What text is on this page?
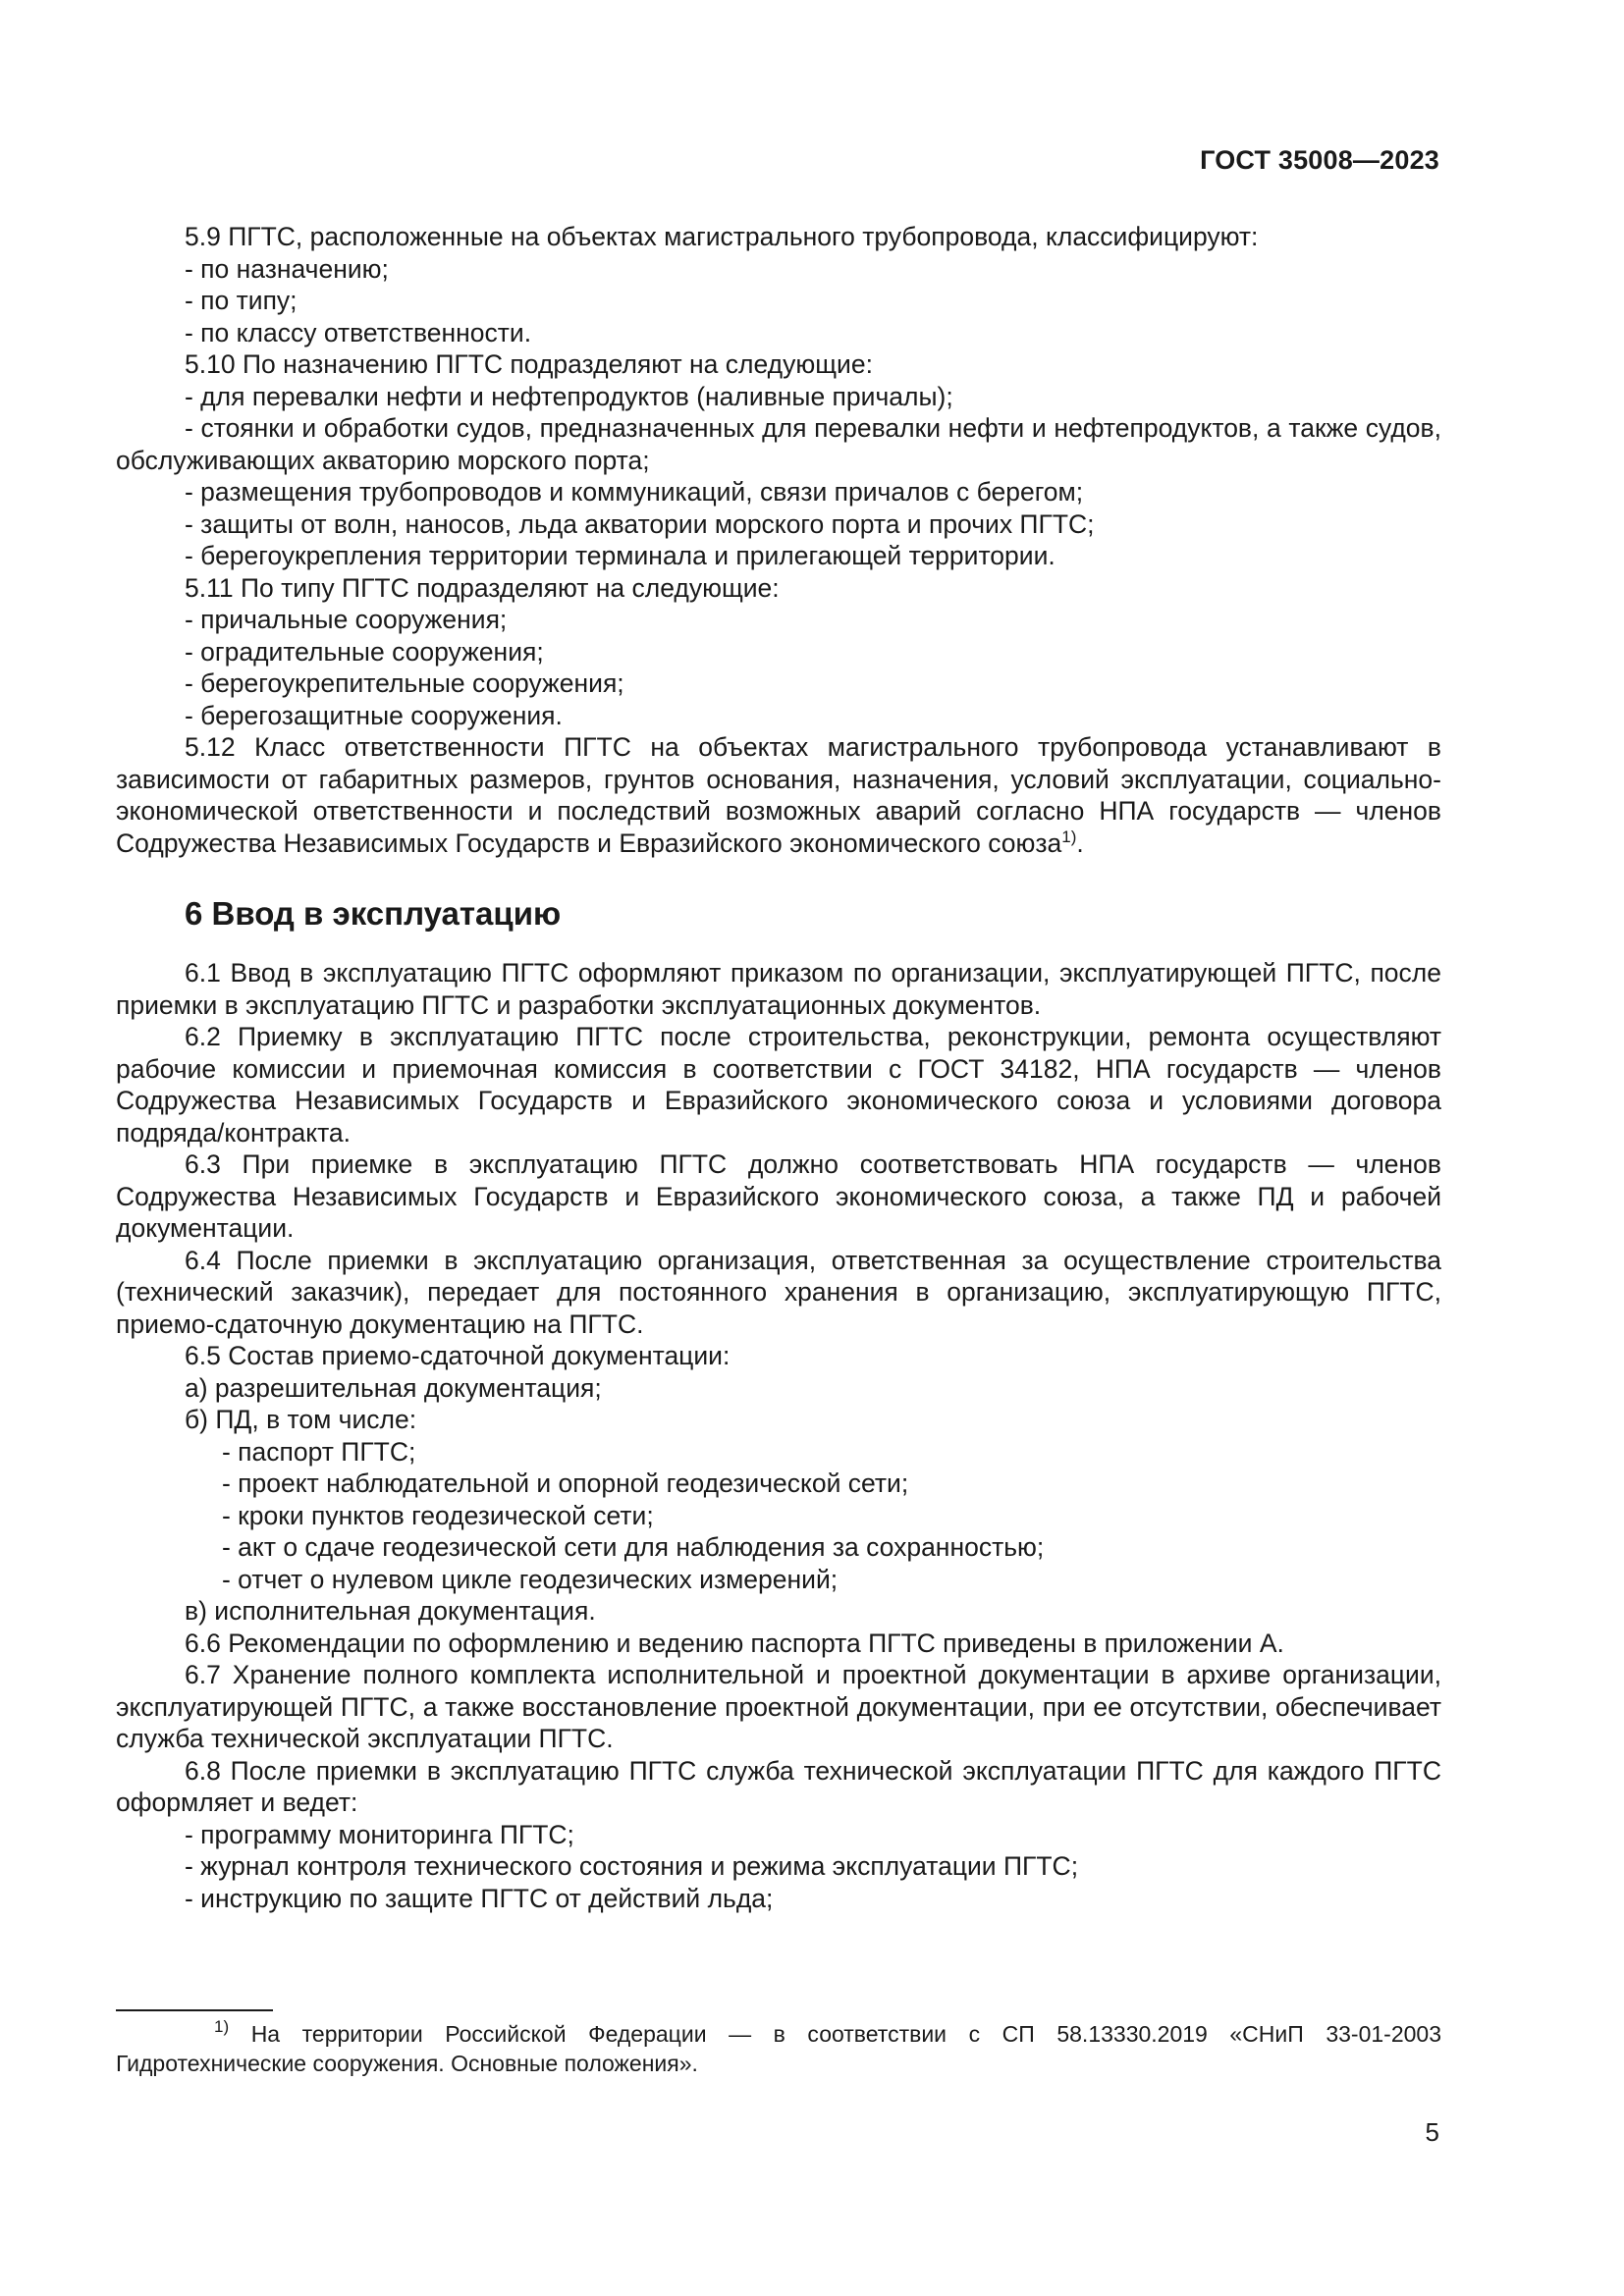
ГОСТ 35008—2023

5.9 ПГТС, расположенные на объектах магистрального трубопровода, классифицируют:

- по назначению;

- по типу;

- по классу ответственности.

5.10 По назначению ПГТС подразделяют на следующие:

- для перевалки нефти и нефтепродуктов (наливные причалы);

- стоянки и обработки судов, предназначенных для перевалки нефти и нефтепродуктов, а также судов, обслуживающих акваторию морского порта;

- размещения трубопроводов и коммуникаций, связи причалов с берегом;

- защиты от волн, наносов, льда акватории морского порта и прочих ПГТС;

- берегоукрепления территории терминала и прилегающей территории.

5.11 По типу ПГТС подразделяют на следующие:

- причальные сооружения;

- оградительные сооружения;

- берегоукрепительные сооружения;

- берегозащитные сооружения.

5.12 Класс ответственности ПГТС на объектах магистрального трубопровода устанавливают в зависимости от габаритных размеров, грунтов основания, назначения, условий эксплуатации, социально-экономической ответственности и последствий возможных аварий согласно НПА государств — членов Содружества Независимых Государств и Евразийского экономического союза$^{1)}$.

6 Ввод в эксплуатацию

6.1 Ввод в эксплуатацию ПГТС оформляют приказом по организации, эксплуатирующей ПГТС, после приемки в эксплуатацию ПГТС и разработки эксплуатационных документов.

6.2 Приемку в эксплуатацию ПГТС после строительства, реконструкции, ремонта осуществляют рабочие комиссии и приемочная комиссия в соответствии с ГОСТ 34182, НПА государств — членов Содружества Независимых Государств и Евразийского экономического союза и условиями договора подряда/контракта.

6.3 При приемке в эксплуатацию ПГТС должно соответствовать НПА государств — членов Содружества Независимых Государств и Евразийского экономического союза, а также ПД и рабочей документации.

6.4 После приемки в эксплуатацию организация, ответственная за осуществление строительства (технический заказчик), передает для постоянного хранения в организацию, эксплуатирующую ПГТС, приемо-сдаточную документацию на ПГТС.

6.5 Состав приемо-сдаточной документации:

а) разрешительная документация;

б) ПД, в том числе:

- паспорт ПГТС;

- проект наблюдательной и опорной геодезической сети;

- кроки пунктов геодезической сети;

- акт о сдаче геодезической сети для наблюдения за сохранностью;

- отчет о нулевом цикле геодезических измерений;

в) исполнительная документация.

6.6 Рекомендации по оформлению и ведению паспорта ПГТС приведены в приложении А.

6.7 Хранение полного комплекта исполнительной и проектной документации в архиве организации, эксплуатирующей ПГТС, а также восстановление проектной документации, при ее отсутствии, обеспечивает служба технической эксплуатации ПГТС.

6.8 После приемки в эксплуатацию ПГТС служба технической эксплуатации ПГТС для каждого ПГТС оформляет и ведет:

- программу мониторинга ПГТС;

- журнал контроля технического состояния и режима эксплуатации ПГТС;

- инструкцию по защите ПГТС от действий льда;

$^{1)}$ На территории Российской Федерации — в соответствии с СП 58.13330.2019 «СНиП 33-01-2003 Гидротехнические сооружения. Основные положения».
5
